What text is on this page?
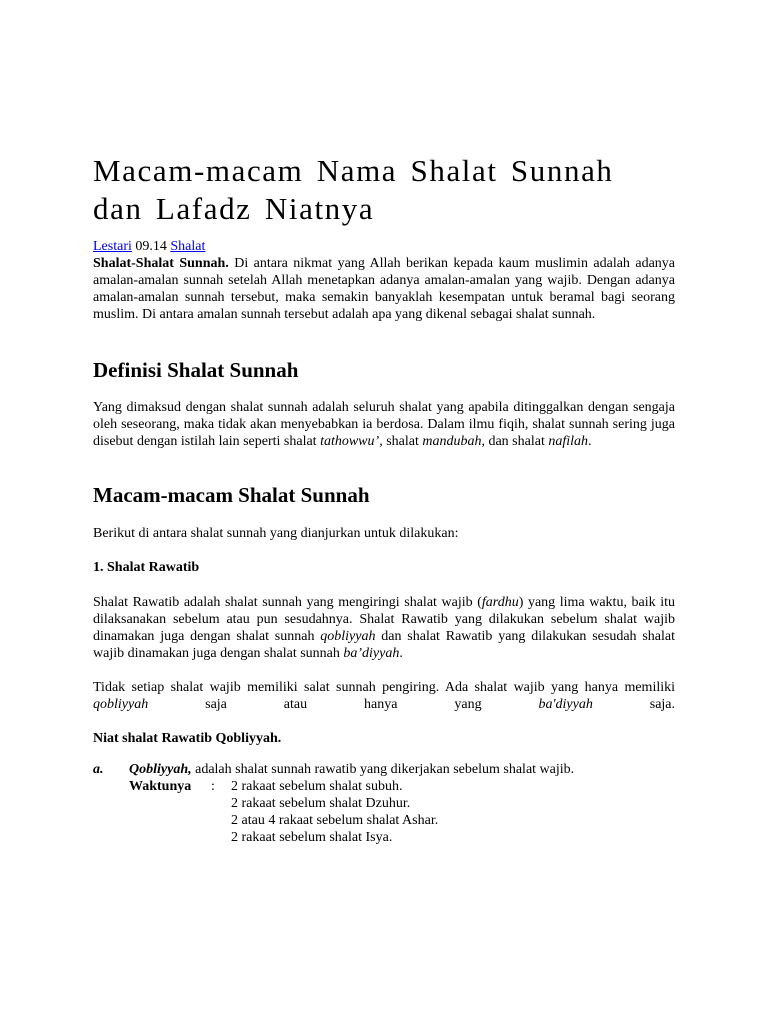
Macam-macam Nama Shalat Sunnah dan Lafadz Niatnya
Lestari 09.14 Shalat

Shalat-Shalat Sunnah. Di antara nikmat yang Allah berikan kepada kaum muslimin adalah adanya amalan-amalan sunnah setelah Allah menetapkan adanya amalan-amalan yang wajib. Dengan adanya amalan-amalan sunnah tersebut, maka semakin banyaklah kesempatan untuk beramal bagi seorang muslim. Di antara amalan sunnah tersebut adalah apa yang dikenal sebagai shalat sunnah.

Definisi Shalat Sunnah

Yang dimaksud dengan shalat sunnah adalah seluruh shalat yang apabila ditinggalkan dengan sengaja oleh seseorang, maka tidak akan menyebabkan ia berdosa. Dalam ilmu fiqih, shalat sunnah sering juga disebut dengan istilah lain seperti shalat tathowwu’, shalat mandubah, dan shalat nafilah.

Macam-macam Shalat Sunnah

Berikut di antara shalat sunnah yang dianjurkan untuk dilakukan:

1. Shalat Rawatib

Shalat Rawatib adalah shalat sunnah yang mengiringi shalat wajib (fardhu) yang lima waktu, baik itu dilaksanakan sebelum atau pun sesudahnya. Shalat Rawatib yang dilakukan sebelum shalat wajib dinamakan juga dengan shalat sunnah qobliyyah dan shalat Rawatib yang dilakukan sesudah shalat wajib dinamakan juga dengan shalat sunnah ba’diyyah.

Tidak setiap shalat wajib memiliki salat sunnah pengiring. Ada shalat wajib yang hanya memiliki qobliyyah saja atau hanya yang ba'diyyah saja.

Niat shalat Rawatib Qobliyyah.
a. Qobliyyah, adalah shalat sunnah rawatib yang dikerjakan sebelum shalat wajib.
Waktunya : 2 rakaat sebelum shalat subuh.
2 rakaat sebelum shalat Dzuhur.
2 atau 4 rakaat sebelum shalat Ashar.
2 rakaat sebelum shalat Isya.
